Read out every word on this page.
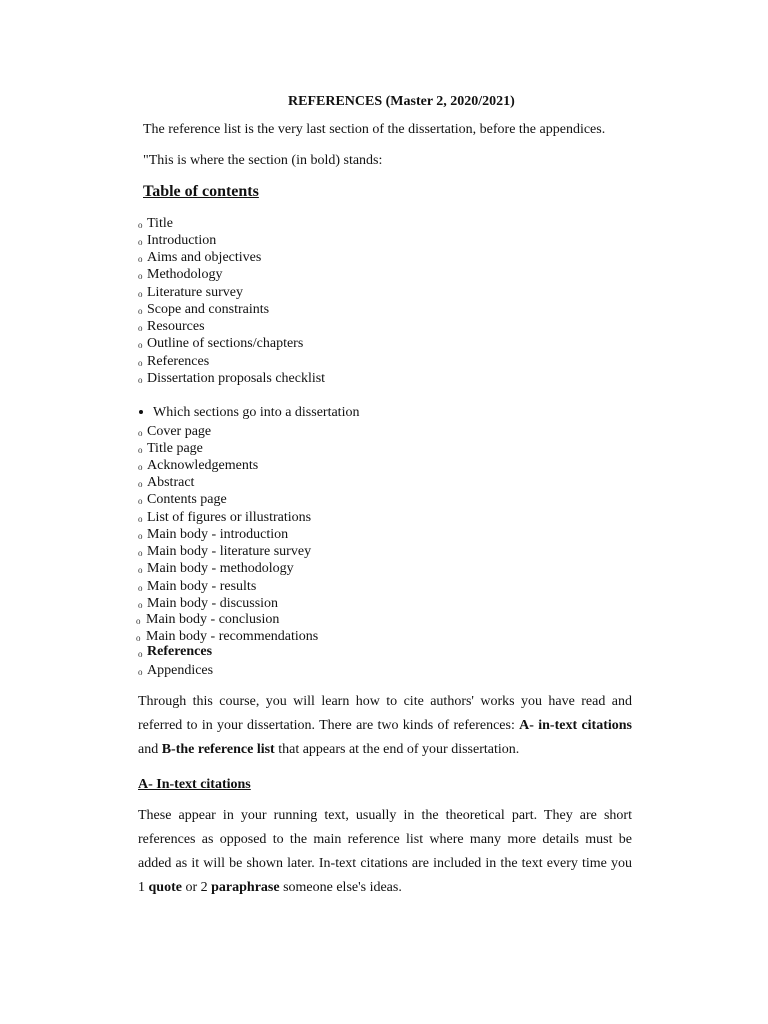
REFERENCES (Master 2, 2020/2021)
The reference list is the very last section of the dissertation, before the appendices.
"This is where the section (in bold) stands:
Table of contents
o Title
o Introduction
o Aims and objectives
o Methodology
o Literature survey
o Scope and constraints
o Resources
o Outline of sections/chapters
o References
o Dissertation proposals checklist
Which sections go into a dissertation
o Cover page
o Title page
o Acknowledgements
o Abstract
o Contents page
o List of figures or illustrations
o Main body - introduction
o Main body - literature survey
o Main body - methodology
o Main body - results
o Main body - discussion
o Main body - conclusion
o Main body - recommendations
o References
o Appendices
Through this course, you will learn how to cite authors' works you have read and referred to in your dissertation. There are two kinds of references: A- in-text citations and B-the reference list that appears at the end of your dissertation.
A- In-text citations
These appear in your running text, usually in the theoretical part. They are short references as opposed to the main reference list where many more details must be added as it will be shown later. In-text citations are included in the text every time you 1 quote or 2 paraphrase someone else's ideas.
